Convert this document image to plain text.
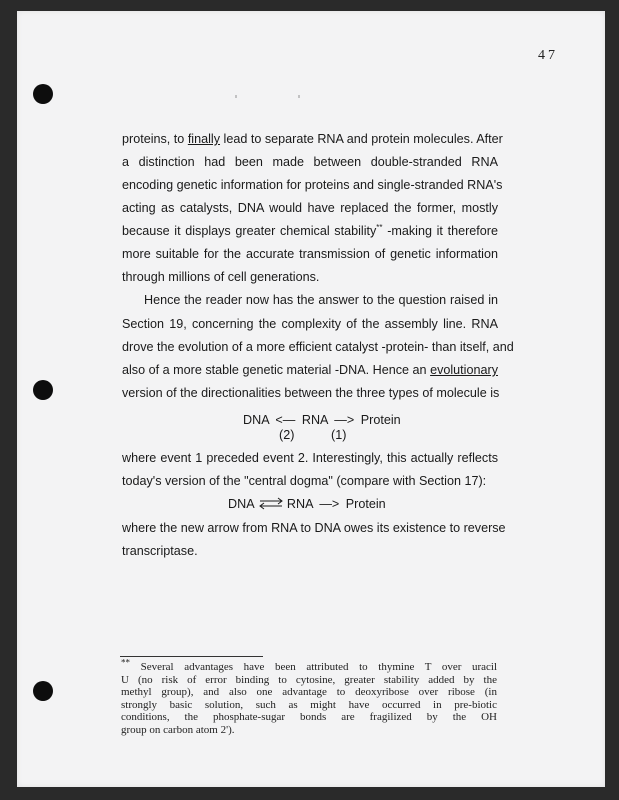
47
proteins, to finally lead to separate RNA and protein molecules. After
a distinction had been made between double-stranded RNA
encoding genetic information for proteins and single-stranded RNA's
acting as catalysts, DNA would have replaced the former, mostly
because it displays greater chemical stability** -making it therefore
more suitable for the accurate transmission of genetic information
through millions of cell generations.
Hence the reader now has the answer to the question raised in
Section 19, concerning the complexity of the assembly line. RNA
drove the evolution of a more efficient catalyst -protein- than itself, and
also of a more stable genetic material -DNA. Hence an evolutionary
version of the directionalities between the three types of molecule is
DNA <— RNA —> Protein
(2)	(1)
where event 1 preceded event 2. Interestingly, this actually reflects
today's version of the "central dogma" (compare with Section 17):
DNA	RNA —> Protein
where the new arrow from RNA to DNA owes its existence to reverse
transcriptase.
** Several advantages have been attributed to thymine T over uracil
U (no risk of error binding to cytosine, greater stability added by the
methyl group), and also one advantage to deoxyribose over ribose (in
strongly basic solution, such as might have occurred in pre-biotic
conditions, the phosphate-sugar bonds are fragilized by the OH
group on carbon atom 2').
